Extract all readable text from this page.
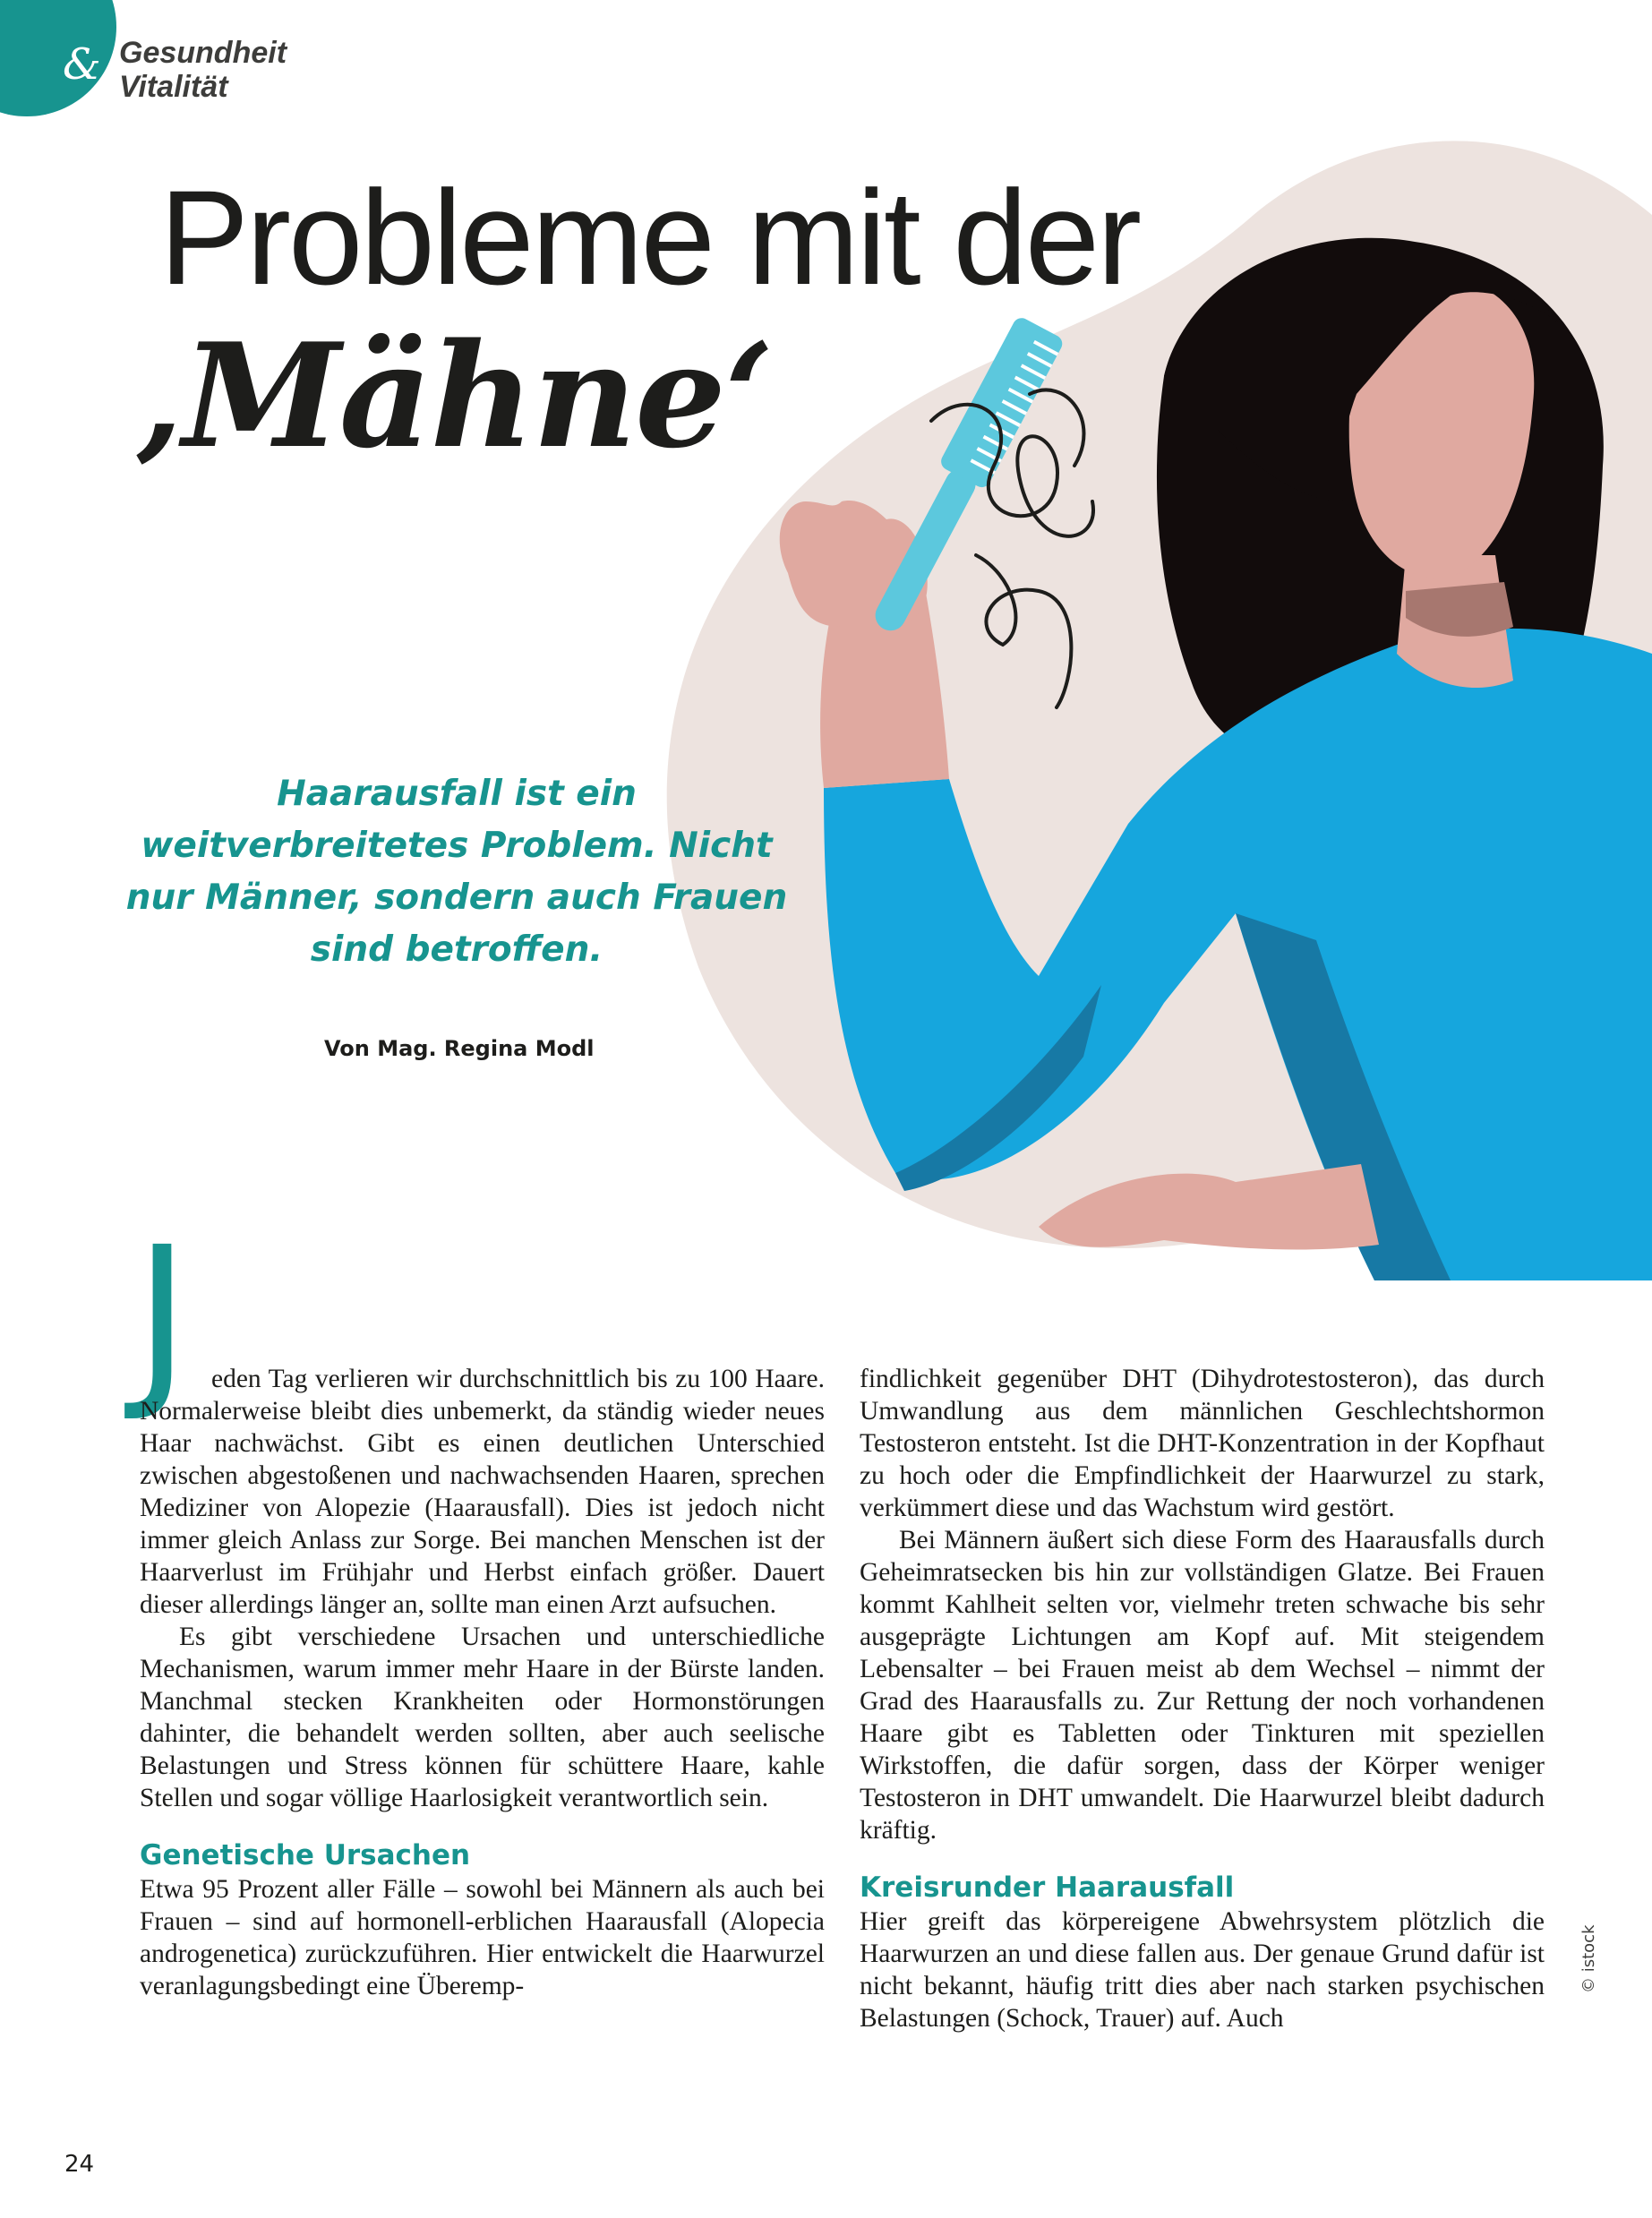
& Gesundheit
Vitalität
Probleme mit der
‚Mähne‘
Haarausfall ist ein weitverbreitetes Problem. Nicht nur Männer, sondern auch Frauen sind betroffen.
Von Mag. Regina Modl
J eden Tag verlieren wir durchschnittlich bis zu 100 Haare. Normalerweise bleibt dies unbemerkt, da ständig wieder neues Haar nachwächst. Gibt es einen deutlichen Unterschied zwischen abgestoßenen und nachwachsenden Haaren, sprechen Mediziner von Alopezie (Haarausfall). Dies ist jedoch nicht immer gleich Anlass zur Sorge. Bei manchen Menschen ist der Haarverlust im Frühjahr und Herbst einfach größer. Dauert dieser allerdings länger an, sollte man einen Arzt aufsuchen.

Es gibt verschiedene Ursachen und unterschiedliche Mechanismen, warum immer mehr Haare in der Bürste landen. Manchmal stecken Krankheiten oder Hormonstörungen dahinter, die behandelt werden sollten, aber auch seelische Belastungen und Stress können für schüttere Haare, kahle Stellen und sogar völlige Haarlosigkeit verantwortlich sein.

Genetische Ursachen

Etwa 95 Prozent aller Fälle – sowohl bei Männern als auch bei Frauen – sind auf hormonell-erblichen Haarausfall (Alopecia androgenetica) zurückzuführen. Hier entwickelt die Haarwurzel veranlagungsbedingt eine Überemp-

findlichkeit gegenüber DHT (Dihydrotestosteron), das durch Umwandlung aus dem männlichen Geschlechtshormon Testosteron entsteht. Ist die DHT-Konzentration in der Kopfhaut zu hoch oder die Empfindlichkeit der Haarwurzel zu stark, verkümmert diese und das Wachstum wird gestört.

Bei Männern äußert sich diese Form des Haarausfalls durch Geheimratsecken bis hin zur vollständigen Glatze. Bei Frauen kommt Kahlheit selten vor, vielmehr treten schwache bis sehr ausgeprägte Lichtungen am Kopf auf. Mit steigendem Lebensalter – bei Frauen meist ab dem Wechsel – nimmt der Grad des Haarausfalls zu. Zur Rettung der noch vorhandenen Haare gibt es Tabletten oder Tinkturen mit speziellen Wirkstoffen, die dafür sorgen, dass der Körper weniger Testosteron in DHT umwandelt. Die Haarwurzel bleibt dadurch kräftig.

Kreisrunder Haarausfall

Hier greift das körpereigene Abwehrsystem plötzlich die Haarwurzen an und diese fallen aus. Der genaue Grund dafür ist nicht bekannt, häufig tritt dies aber nach starken psychischen Belastungen (Schock, Trauer) auf. Auch

© istock
24
